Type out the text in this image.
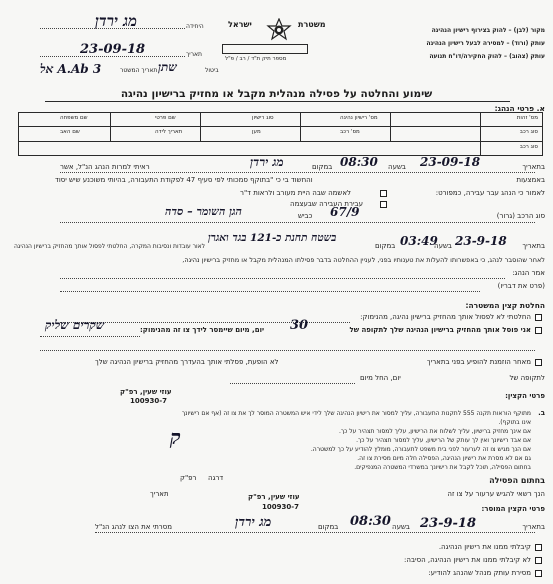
מקור (לבן) – להוק בצירוף רישיון הנהיגה
עותק (ורוד) – למסירה לבעל רישיון הנהיגה
עותק (צהוב) – להוק החקירה/דו"ח תנועה
משטרת
ישראל
מספר תיק ת"ד / רב / פ"ל
היחידה
מג ירדן
תאריך
23-09-18
ביטול
שתן
תאריך המשטר
A.Ab 3 אל
שימוע והחלטה על פסילה מנהלית מקבל או מחזיק ברישיון נהיגה
א. פרטי הנהג:
מס' זהות
מס' רישיון נהיגה
סוג רישיון
שם פרטי
שם משפחה
סוג רכב
מס' רכב
מען
תאריך לידה
שם האב
סוג רכב
בתאריך
23-09-18
בשעה
08:30
במקום
מג ירדן
ראיתי למרות הנהג הנ"ל, אשר
באמצעות
והחשוד בי כי "בתוקף סמכותי לפי סעיף 47 לפקודת התעבורה, בהיותי משוכנע שיש יסוד
לאמור כי הנהג עבר עבירה, כמפורט:
לאשמה שבה היית מעורב ולראות ד"ר
עבירת העבירה שבעצמה
סוג הרכב (גרור)
67/9
כביש
הגן השומר – סדה
בתאריך
23-9-18
בשעה
03:49
במקום
בשטח תחנת כ-121 בגד ואגרן
לאור עובדות ונסיבות המקרה, החלטתי לפסול אותך מהחזיק ברישיון הנהיגה
לאחר שהוסבר לנהג, כי באפשרותו להעלות את טענותיו בפני, לעניין ההחלטה בדבר פסילתו המנהלית מקבל או מחזיק ברישיון נהיגה,
אמר הנהג:
(פרט את דבריו)
החלטת קצין המשטרה:
החלטתי לא לפסול אותך מהחזיק ברישיון נהיגה, מהנימוק:
אני פוסל אותך מהחזיק ברישיון הנהיגה שלך לתקופה של
30
יום, מיום שיימסר לידך צו זה מהנימוק:
שקרים שליק
מאחר הוזמנת להופיע בפני בתאריך
לא הופעת, פסלתי אותך בהעדרך מהחזיק ברישיון הנהיגה שלך
לתקופה של
יום, החל מיום
פרטי הקצין:
עוזי שעין, רפ"ק
100930-7
ב.
מתוקף הוראות תקנה 555 לתקנות התעבורה, עליך למסור את רישיון הנהיגה שלך לידי איש המשטרה המוסר לך את צו זה (אף אם רישיונך
אינו בתוקף).
אם אינך מחזיק ברישיון, עליך לשלוח את הרישיון, עליך למסור תצהיר על כך.
אם אבד רישיונך ואין לך עותק של הרישיון, עליך למסור תצהיר על כך.
אם הנך מגיש צו זה לערעור לפני בית משפט לתעבורה, מומלץ להודיע על כך למשטרה.
גם אם לא מסרת את רישיון הנהיגה, הפסילה חלה מיום מסירת צו זה.
בחתום הפסילה, תוכל לקבל את רישיונך במשרדי המשטרה המנפיקים.
בחתום הפסילה
ק
דרגה
רפ"ק
הנך רשאי להגיש ערעור על צו זה
תאריך
פרטי הקצין המוסר:
עוזי שעין, רפ"ק
100930-7
בתאריך
23-9-18
בשעה
08:30
במקום
מג ירדן
מסרתי את הצו לנהג הנ"ל
קיבלתי ממנו את רישיון הנהיגה.
לא קיבלתי ממנו את רישיון הנהיגה, הסיבה:
מסירת עותק מנהל שהנהג להודיע:
